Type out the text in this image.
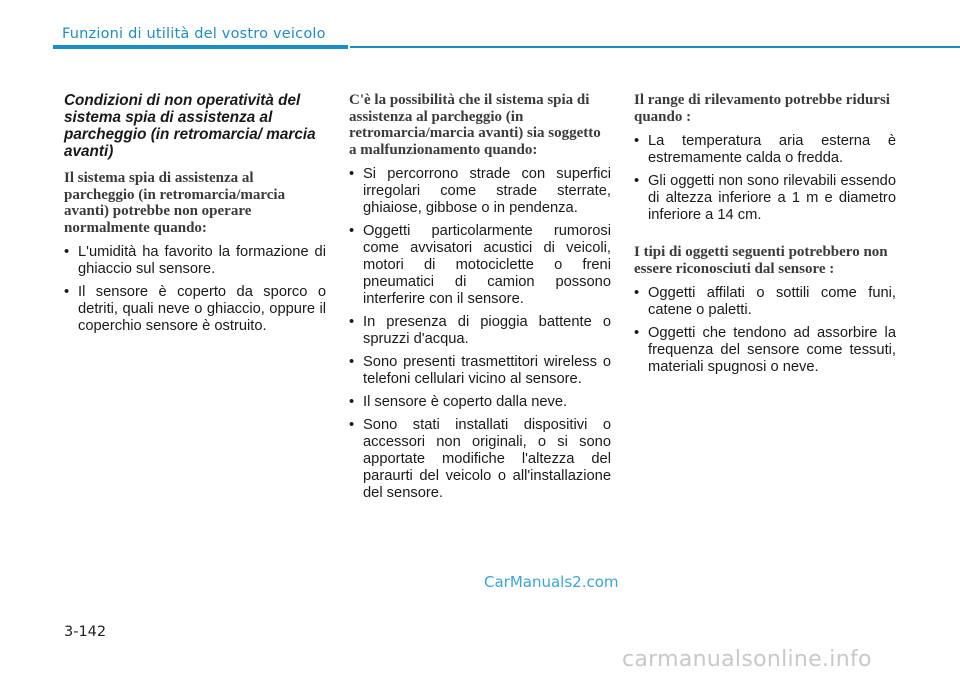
Funzioni di utilità del vostro veicolo
Condizioni di non operatività del sistema spia di assistenza al parcheggio (in retromarcia/ marcia avanti)
Il sistema spia di assistenza al parcheggio (in retromarcia/marcia avanti) potrebbe non operare normalmente quando:
• L'umidità ha favorito la formazione di ghiaccio sul sensore.
• Il sensore è coperto da sporco o detriti, quali neve o ghiaccio, oppure il coperchio sensore è ostruito.
C'è la possibilità che il sistema spia di assistenza al parcheggio (in retromarcia/marcia avanti) sia soggetto a malfunzionamento quando:
• Si percorrono strade con superfici irregolari come strade sterrate, ghiaiose, gibbose o in pendenza.
• Oggetti particolarmente rumorosi come avvisatori acustici di veicoli, motori di motociclette o freni pneumatici di camion possono interferire con il sensore.
• In presenza di pioggia battente o spruzzi d'acqua.
• Sono presenti trasmettitori wireless o telefoni cellulari vicino al sensore.
• Il sensore è coperto dalla neve.
• Sono stati installati dispositivi o accessori non originali, o si sono apportate modifiche l'altezza del paraurti del veicolo o all'installazione del sensore.
Il range di rilevamento potrebbe ridursi quando :
• La temperatura aria esterna è estremamente calda o fredda.
• Gli oggetti non sono rilevabili essendo di altezza inferiore a 1 m e diametro inferiore a 14 cm.
I tipi di oggetti seguenti potrebbero non essere riconosciuti dal sensore :
• Oggetti affilati o sottili come funi, catene o paletti.
• Oggetti che tendono ad assorbire la frequenza del sensore come tessuti, materiali spugnosi o neve.
CarManuals2.com
3-142
carmanualsonline.info
